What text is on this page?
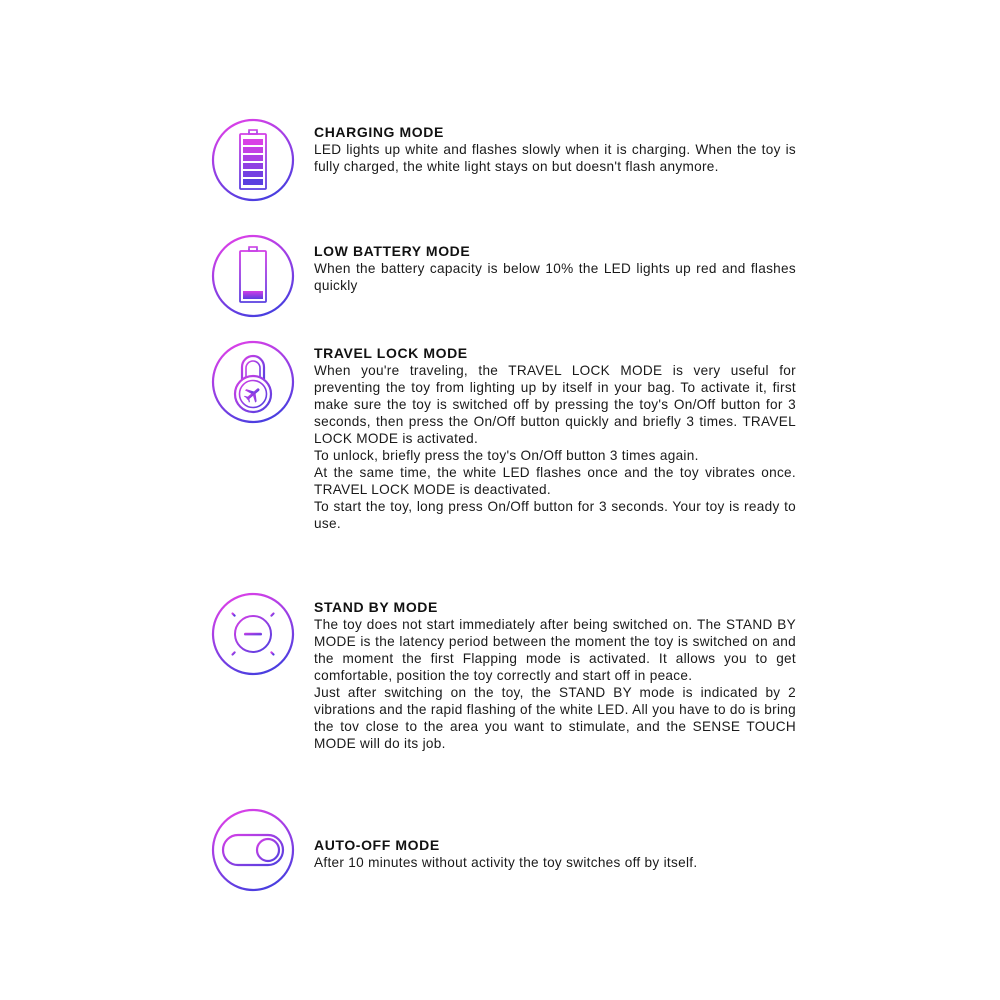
CHARGING MODE

LED lights up white and flashes slowly when it is charging. When the toy is fully charged, the white light stays on but doesn't flash anymore.

LOW BATTERY MODE

When the battery capacity is below 10% the LED lights up red and flashes quickly

TRAVEL LOCK MODE

When you're traveling, the TRAVEL LOCK MODE is very useful for preventing the toy from lighting up by itself in your bag. To activate it, first make sure the toy is switched off by pressing the toy's On/Off button for 3 seconds, then press the On/Off button quickly and briefly 3 times. TRAVEL LOCK MODE is activated.

To unlock, briefly press the toy's On/Off button 3 times again.

At the same time, the white LED flashes once and the toy vibrates once. TRAVEL LOCK MODE is deactivated.

To start the toy, long press On/Off button for 3 seconds. Your toy is ready to use.

STAND BY MODE

The toy does not start immediately after being switched on. The STAND BY MODE is the latency period between the moment the toy is switched on and the moment the first Flapping mode is activated. It allows you to get comfortable, position the toy correctly and start off in peace.

Just after switching on the toy, the STAND BY mode is indicated by 2 vibrations and the rapid flashing of the white LED. All you have to do is bring the tov close to the area you want to stimulate, and the SENSE TOUCH MODE will do its job.

AUTO-OFF MODE

After 10 minutes without activity the toy switches off by itself.
